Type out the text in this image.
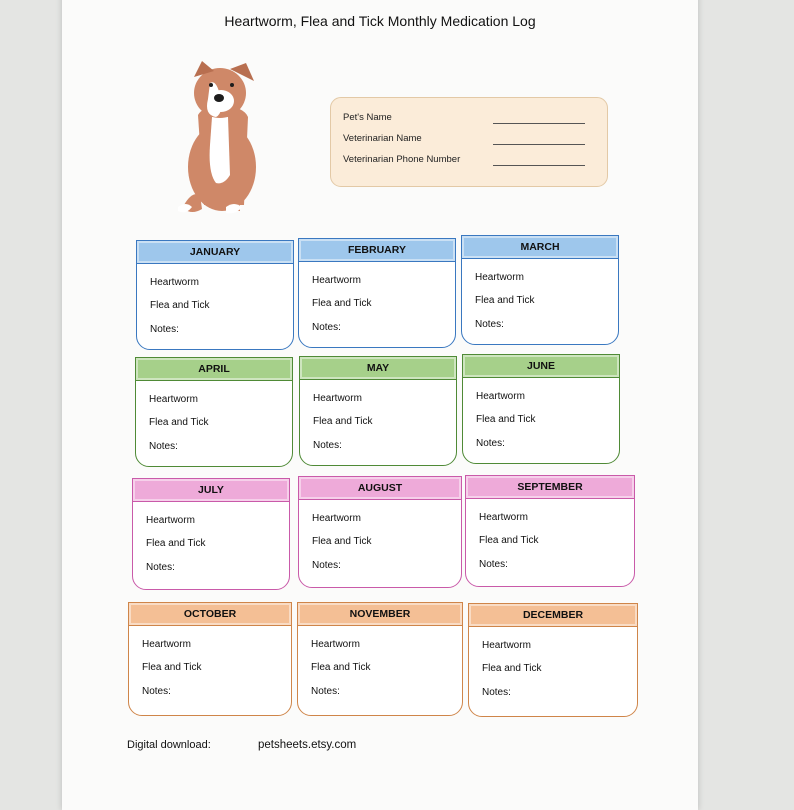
Heartworm, Flea and Tick Monthly Medication Log
Pet's Name
Veterinarian Name
Veterinarian Phone Number
JANUARY
Heartworm
Flea and Tick
Notes:
FEBRUARY
Heartworm
Flea and Tick
Notes:
MARCH
Heartworm
Flea and Tick
Notes:
APRIL
Heartworm
Flea and Tick
Notes:
MAY
Heartworm
Flea and Tick
Notes:
JUNE
Heartworm
Flea and Tick
Notes:
JULY
Heartworm
Flea and Tick
Notes:
AUGUST
Heartworm
Flea and Tick
Notes:
SEPTEMBER
Heartworm
Flea and Tick
Notes:
OCTOBER
Heartworm
Flea and Tick
Notes:
NOVEMBER
Heartworm
Flea and Tick
Notes:
DECEMBER
Heartworm
Flea and Tick
Notes:
Digital download:	petsheets.etsy.com
